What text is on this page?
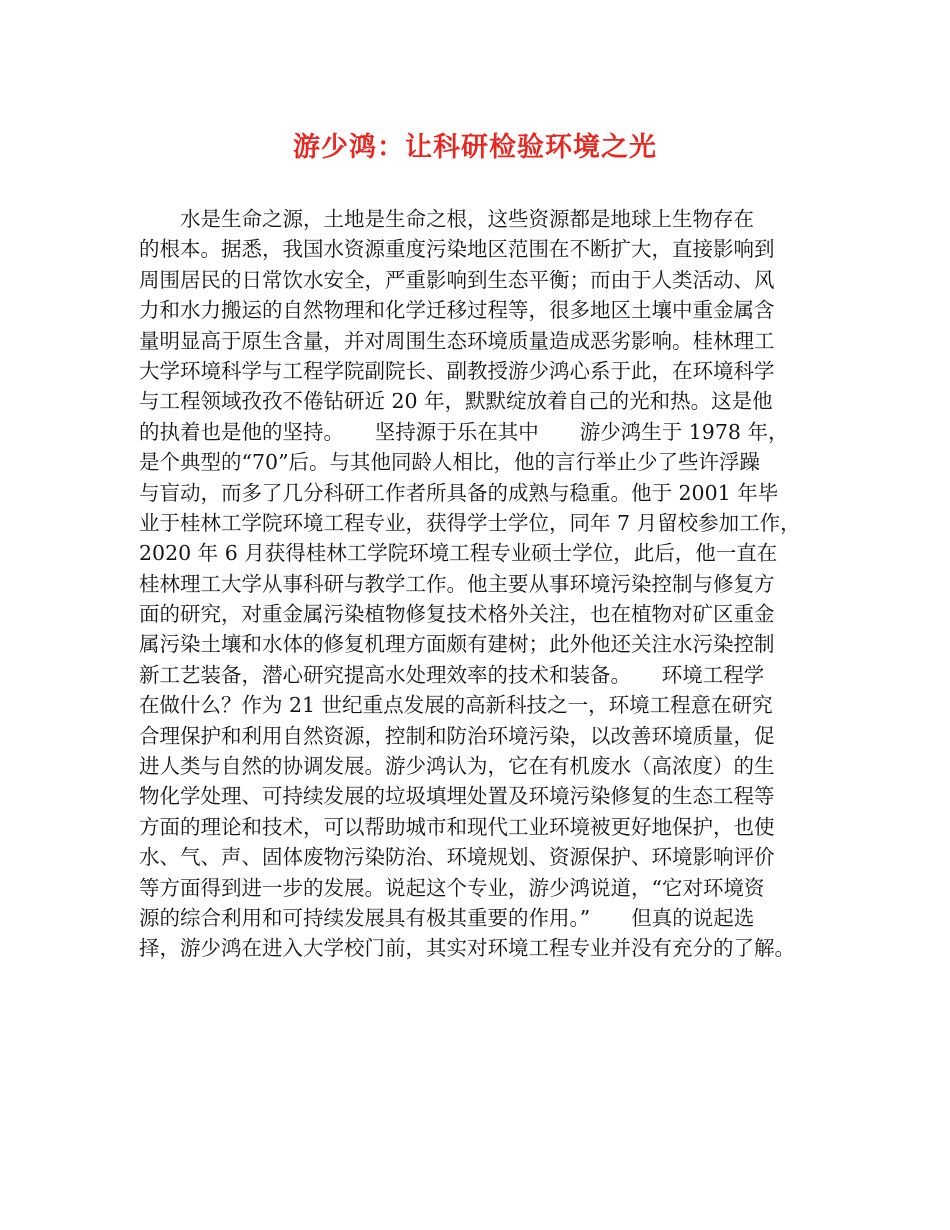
游少鸿：让科研检验环境之光
　　水是生命之源，土地是生命之根，这些资源都是地球上生物存在
的根本。据悉，我国水资源重度污染地区范围在不断扩大，直接影响到
周围居民的日常饮水安全，严重影响到生态平衡；而由于人类活动、风
力和水力搬运的自然物理和化学迁移过程等，很多地区土壤中重金属含
量明显高于原生含量，并对周围生态环境质量造成恶劣影响。桂林理工
大学环境科学与工程学院副院长、副教授游少鸿心系于此，在环境科学
与工程领域孜孜不倦钻研近 20 年，默默绽放着自己的光和热。这是他
的执着也是他的坚持。　　坚持源于乐在其中　　游少鸿生于 1978 年，
是个典型的“70”后。与其他同龄人相比，他的言行举止少了些许浮躁
与盲动，而多了几分科研工作者所具备的成熟与稳重。他于 2001 年毕
业于桂林工学院环境工程专业，获得学士学位，同年 7 月留校参加工作，
2020 年 6 月获得桂林工学院环境工程专业硕士学位，此后，他一直在
桂林理工大学从事科研与教学工作。他主要从事环境污染控制与修复方
面的研究，对重金属污染植物修复技术格外关注，也在植物对矿区重金
属污染土壤和水体的修复机理方面颇有建树；此外他还关注水污染控制
新工艺装备，潜心研究提高水处理效率的技术和装备。　　环境工程学
在做什么？作为 21 世纪重点发展的高新科技之一，环境工程意在研究
合理保护和利用自然资源，控制和防治环境污染，以改善环境质量，促
进人类与自然的协调发展。游少鸿认为，它在有机废水（高浓度）的生
物化学处理、可持续发展的垃圾填埋处置及环境污染修复的生态工程等
方面的理论和技术，可以帮助城市和现代工业环境被更好地保护，也使
水、气、声、固体废物污染防治、环境规划、资源保护、环境影响评价
等方面得到进一步的发展。说起这个专业，游少鸿说道，“它对环境资
源的综合利用和可持续发展具有极其重要的作用。”　　但真的说起选
择，游少鸿在进入大学校门前，其实对环境工程专业并没有充分的了解。
